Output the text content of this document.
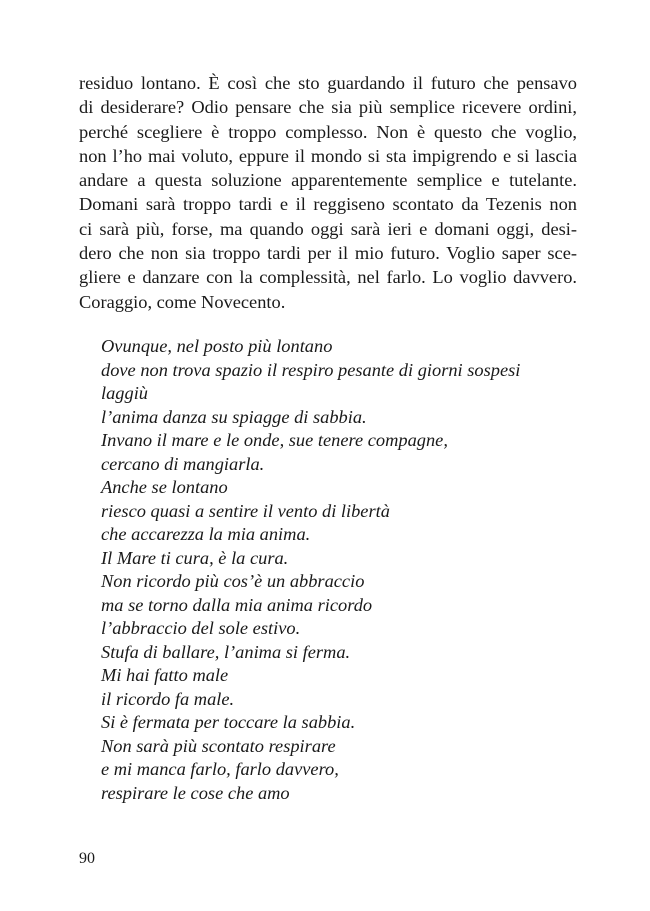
residuo lontano. È così che sto guardando il futuro che pensavo
di desiderare? Odio pensare che sia più semplice ricevere ordini,
perché scegliere è troppo complesso. Non è questo che voglio,
non l’ho mai voluto, eppure il mondo si sta impigrendo e si lascia
andare a questa soluzione apparentemente semplice e tutelante.
Domani sarà troppo tardi e il reggiseno scontato da Tezenis non
ci sarà più, forse, ma quando oggi sarà ieri e domani oggi, desi-
dero che non sia troppo tardi per il mio futuro. Voglio saper sce-
gliere e danzare con la complessità, nel farlo. Lo voglio davvero.
Coraggio, come Novecento.
Ovunque, nel posto più lontano
dove non trova spazio il respiro pesante di giorni sospesi
laggiù
l’anima danza su spiagge di sabbia.
Invano il mare e le onde, sue tenere compagne,
cercano di mangiarla.
Anche se lontano
riesco quasi a sentire il vento di libertà
che accarezza la mia anima.
Il Mare ti cura, è la cura.
Non ricordo più cos’è un abbraccio
ma se torno dalla mia anima ricordo
l’abbraccio del sole estivo.
Stufa di ballare, l’anima si ferma.
Mi hai fatto male
il ricordo fa male.
Si è fermata per toccare la sabbia.
Non sarà più scontato respirare
e mi manca farlo, farlo davvero,
respirare le cose che amo
90
